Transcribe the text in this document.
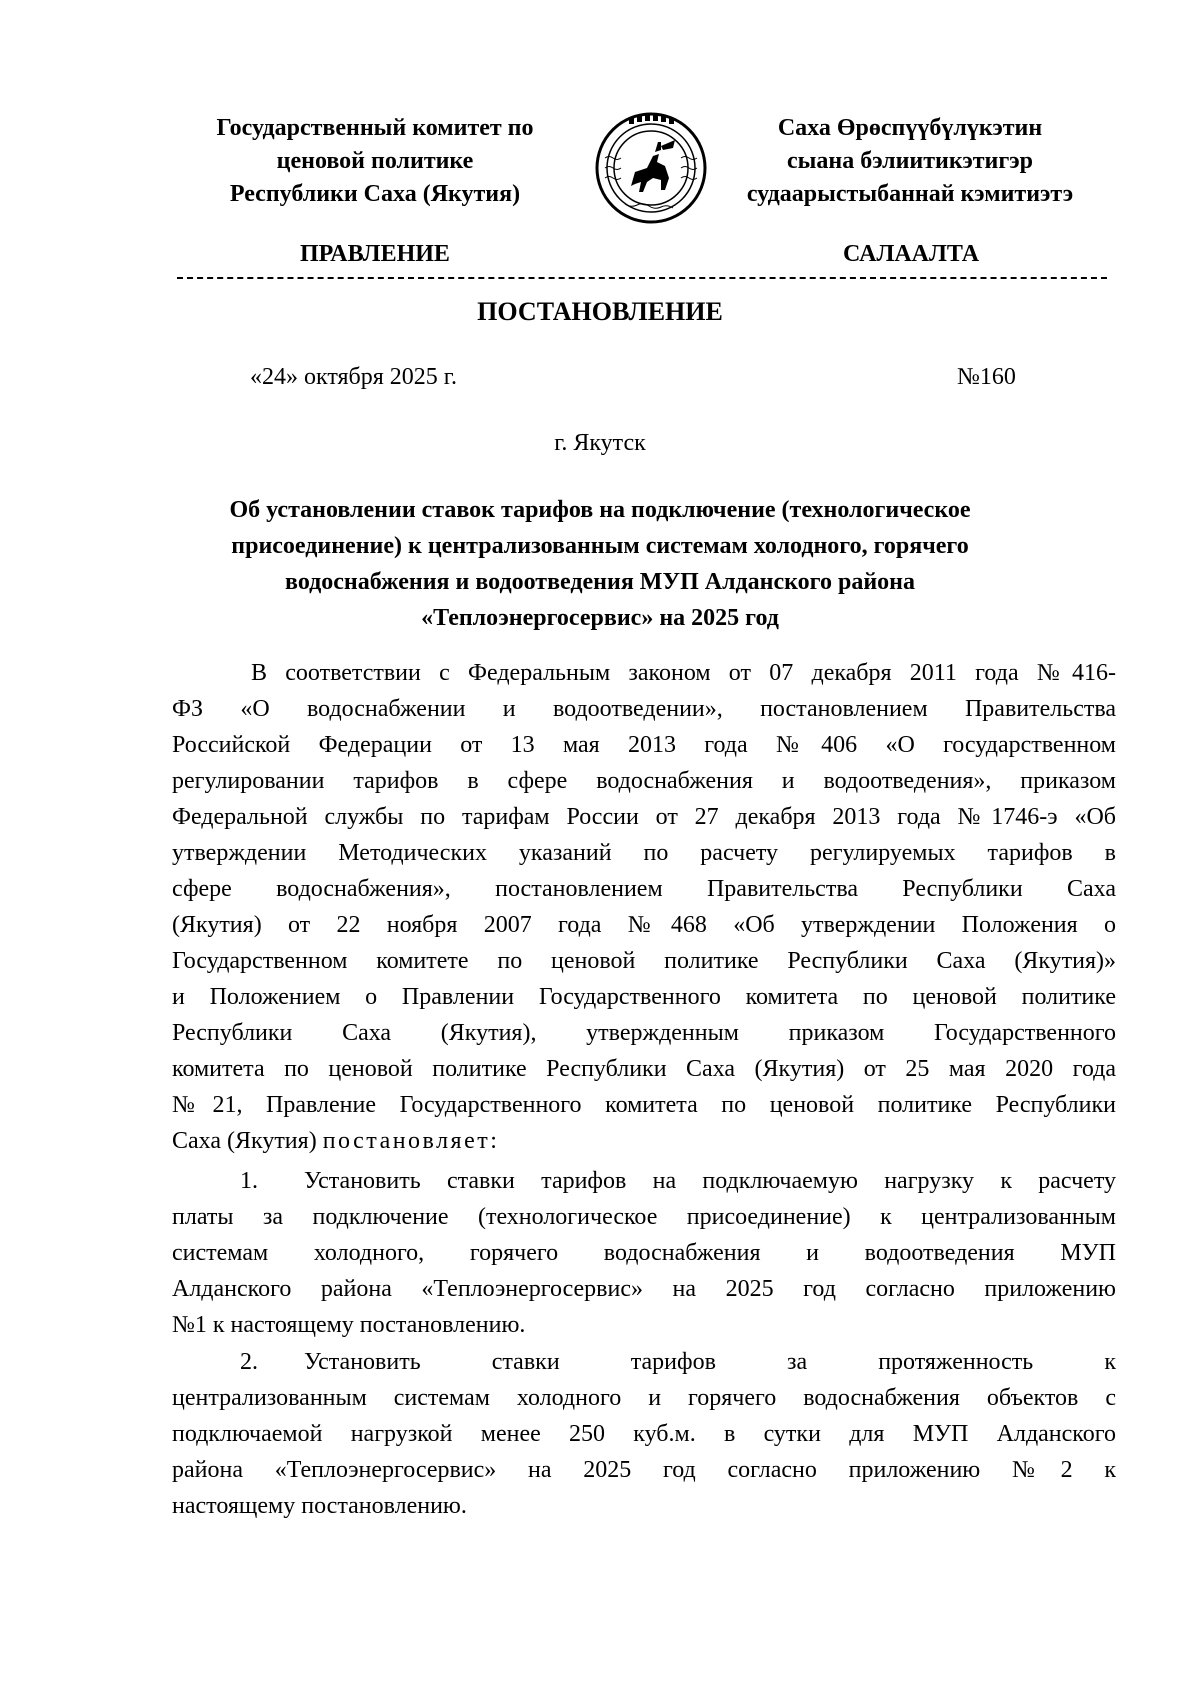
Государственный комитет по
ценовой политике
Республики Саха (Якутия)
Саха Өрөспүүбүлүкэтин
сыана бэлиитикэтигэр
судаарыстыбаннай кэмитиэтэ
ПРАВЛЕНИЕ	САЛААЛТА
ПОСТАНОВЛЕНИЕ
«24» октября 2025 г.	№160
г. Якутск
Об установлении ставок тарифов на подключение (технологическое
присоединение) к централизованным системам холодного, горячего
водоснабжения и водоотведения МУП Алданского района
«Теплоэнергосервис» на 2025 год
В соответствии с Федеральным законом от 07 декабря 2011 года №416-
ФЗ «О водоснабжении и водоотведении», постановлением Правительства
Российской Федерации от 13 мая 2013 года №406 «О государственном
регулировании тарифов в сфере водоснабжения и водоотведения», приказом
Федеральной службы по тарифам России от 27 декабря 2013 года №1746-э «Об
утверждении Методических указаний по расчету регулируемых тарифов в
сфере водоснабжения», постановлением Правительства Республики Саха
(Якутия) от 22 ноября 2007 года №468 «Об утверждении Положения о
Государственном комитете по ценовой политике Республики Саха (Якутия)»
и Положением о Правлении Государственного комитета по ценовой политике
Республики Саха (Якутия), утвержденным приказом Государственного
комитета по ценовой политике Республики Саха (Якутия) от 25 мая 2020 года
№21, Правление Государственного комитета по ценовой политике Республики
Саха (Якутия) постановляет:
1. Установить ставки тарифов на подключаемую нагрузку к расчету
платы за подключение (технологическое присоединение) к централизованным
системам холодного, горячего водоснабжения и водоотведения МУП
Алданского района «Теплоэнергосервис» на 2025 год согласно приложению
№1 к настоящему постановлению.
2. Установить ставки тарифов за протяженность к
централизованным системам холодного и горячего водоснабжения объектов с
подключаемой нагрузкой менее 250 куб.м. в сутки для МУП Алданского
района «Теплоэнергосервис» на 2025 год согласно приложению №2 к
настоящему постановлению.
